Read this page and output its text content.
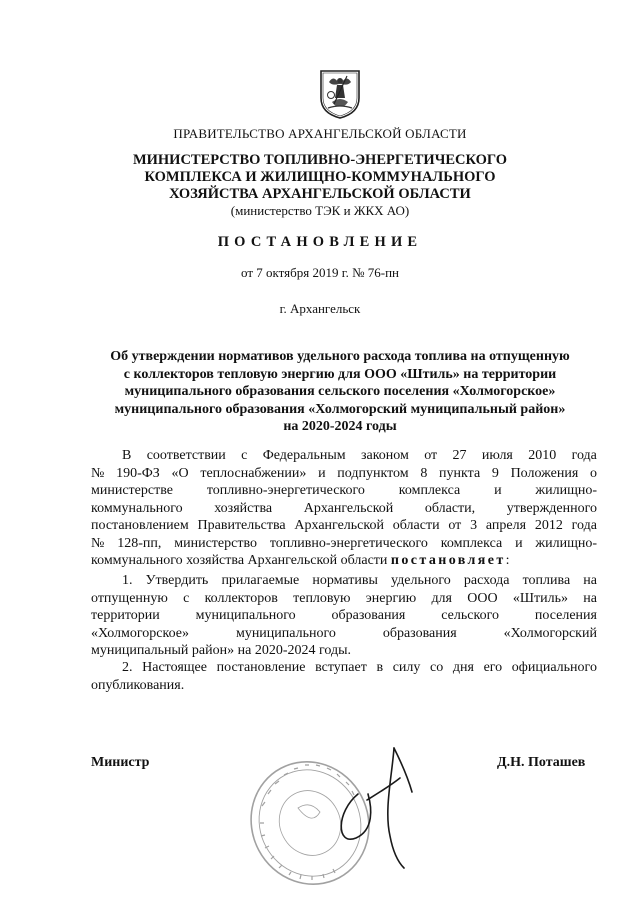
ПРАВИТЕЛЬСТВО АРХАНГЕЛЬСКОЙ ОБЛАСТИ
МИНИСТЕРСТВО ТОПЛИВНО-ЭНЕРГЕТИЧЕСКОГО
КОМПЛЕКСА И ЖИЛИЩНО-КОММУНАЛЬНОГО
ХОЗЯЙСТВА АРХАНГЕЛЬСКОЙ ОБЛАСТИ
(министерство ТЭК и ЖКХ АО)
ПОСТАНОВЛЕНИЕ
от 7 октября 2019 г. № 76-пн
г. Архангельск
Об утверждении нормативов удельного расхода топлива на отпущенную
с коллекторов тепловую энергию для ООО «Штиль» на территории
муниципального образования сельского поселения «Холмогорское»
муниципального образования «Холмогорский муниципальный район»
на 2020-2024 годы
В соответствии с Федеральным законом от 27 июля 2010 года
№ 190-ФЗ «О теплоснабжении» и подпунктом 8 пункта 9 Положения о
министерстве топливно-энергетического комплекса и жилищно-
коммунального хозяйства Архангельской области, утвержденного
постановлением Правительства Архангельской области от 3 апреля 2012 года
№ 128-пп, министерство топливно-энергетического комплекса и жилищно-
коммунального хозяйства Архангельской области постановляет :
1. Утвердить прилагаемые нормативы удельного расхода топлива на
отпущенную с коллекторов тепловую энергию для ООО «Штиль» на
территории	муниципального	образования	сельского	поселения
«Холмогорское»	муниципального	образования	«Холмогорский
муниципальный район» на 2020-2024 годы.
2. Настоящее постановление вступает в силу со дня его официального
опубликования.
Министр	Д.Н. Поташев
